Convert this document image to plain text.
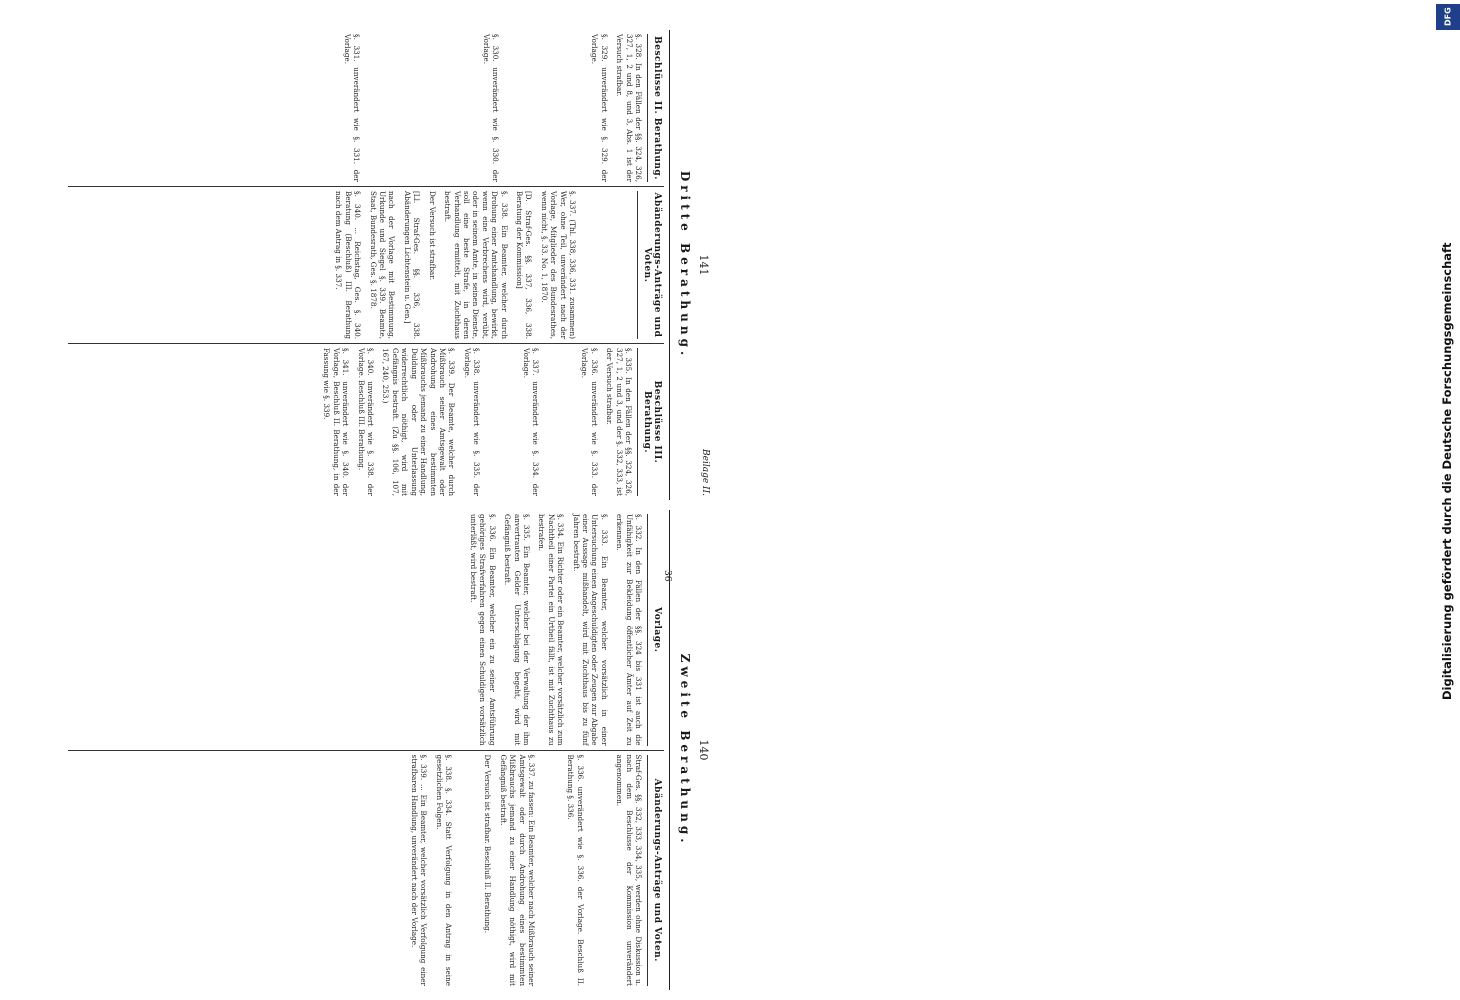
DFG
Digitalisierung gefördert durch die Deutsche Forschungsgemeinschaft
141
Beilage II.
Dritte Berathung.
Beschlüsse II. Berathung.

§. 328. In den Fällen der §§. 324, 326, 327, 1, 2 und 8, und 3, Abs. 1 ist der Versuch strafbar.

§. 329. unverändert wie §. 329. der Vorlage.

§. 330. unverändert wie §. 330. der Vorlage.

§. 331. unverändert wie §. 331. der Vorlage.

Abänderungs-Anträge und Voten.

§. 337. (Thl. 338, 336, 331. zusammen) Wer, ohne Teil, unverändert nach der Vorlage, Mitglieder des Bundesrathes, wenn nicht, §. 33. No. 1, 1870.

[D. Straf-Ges. §§. 337, 336, 338. Beratung der Kommission]

§. 338. Ein Beamter, welcher durch Drohung einer Amtshandlung, bewirkt, wenn eine Verbrechens wird, verübt, oder in seinem Amte, in seinen Dienste, soll eine beste Strafe, in deren Verhandlung ermittelt, mit Zuchthaus bestraft.

Der Versuch ist strafbar.

[Ll. Straf-Ges. §§. 336, 338. Abänderungen Lichtenstein u. Gen.]

nach der Vorlage mit Bestimmung, Urkunde und Siegel §. 339. Beamte, Staat, Bundesrath, Ges. §. 1878.

§. 340. ... Reichstag, Ges. §. 340. Beratung (Beschluß) III. Berathung nach dem Antrag in §. 337.

Beschlüsse III. Berathung.

§. 335. In den Fällen der §§. 324, 326, 327, 1, 2 und 3, und der §. 332, 333, ist der Versuch strafbar.

§. 336. unverändert wie §. 333. der Vorlage.

§. 337. unverändert wie §. 334. der Vorlage.

§. 338. unverändert wie §. 335. der Vorlage.

§. 339. Der Beamte, welcher durch Mißbrauch seiner Amtsgewalt oder Androhung eines bestimmten Mißbrauchs jemand zu einer Handlung, Duldung oder Unterlassung widerrechtlich nöthigt, wird mit Gefängnis bestraft. (Zu §§. 106, 107, 167, 240, 253.)

§. 340. unverändert wie §. 338. der Vorlage. Beschluß III. Berathung.

§. 341. unverändert wie §. 340. der Vorlage, Beschluß II. Berathung, in der Fassung wie §. 339.

36
140
Zweite Berathung.
Vorlage.

§. 332. In den Fällen der §§. 324 bis 331 ist auch die Unfähigkeit zur Bekleidung öffentlicher Ämter auf Zeit zu erkennen.

§. 333. Ein Beamter, welcher vorsätzlich in einer Untersuchung einen Angeschuldigten oder Zeugen zur Abgabe einer Aussage mißhandelt, wird mit Zuchthaus bis zu fünf Jahren bestraft.

§. 334. Ein Richter oder ein Beamter, welcher vorsätzlich zum Nachtheil einer Partei ein Urtheil fällt, ist mit Zuchthaus zu bestrafen.

§. 335. Ein Beamter, welcher bei der Verwaltung der ihm anvertrauten Gelder Unterschlagung begeht, wird mit Gefängniß bestraft.

§. 336. Ein Beamter, welcher ein zu seiner Amtsführung gehöriges Strafverfahren gegen einen Schuldigen vorsätzlich unterläßt, wird bestraft.

Abänderungs-Anträge und Voten.

Straf-Ges. §§. 332, 333, 334, 335, werden ohne Diskussion u. nach dem Beschlusse der Kommission unverändert angenommen.

§. 336. unverändert wie §. 336. der Vorlage. Beschluß II. Berathung §. 336.

§. 337. zu fassen: Ein Beamter, welcher nach Mißbrauch seiner Amtsgewalt oder durch Androhung eines bestimmten Mißbrauchs jemand zu einer Handlung nöthigt, wird mit Gefängniß bestraft.

Der Versuch ist strafbar. Beschluß II. Berathung.

§. 338. §. 334. Statt Verfolgung in den Antrag in seine gesetzlichen Folgen.

§. 339. ... Ein Beamter, welcher vorsätzlich Verfolgung einer strafbaren Handlung, unverändert nach der Vorlage.
